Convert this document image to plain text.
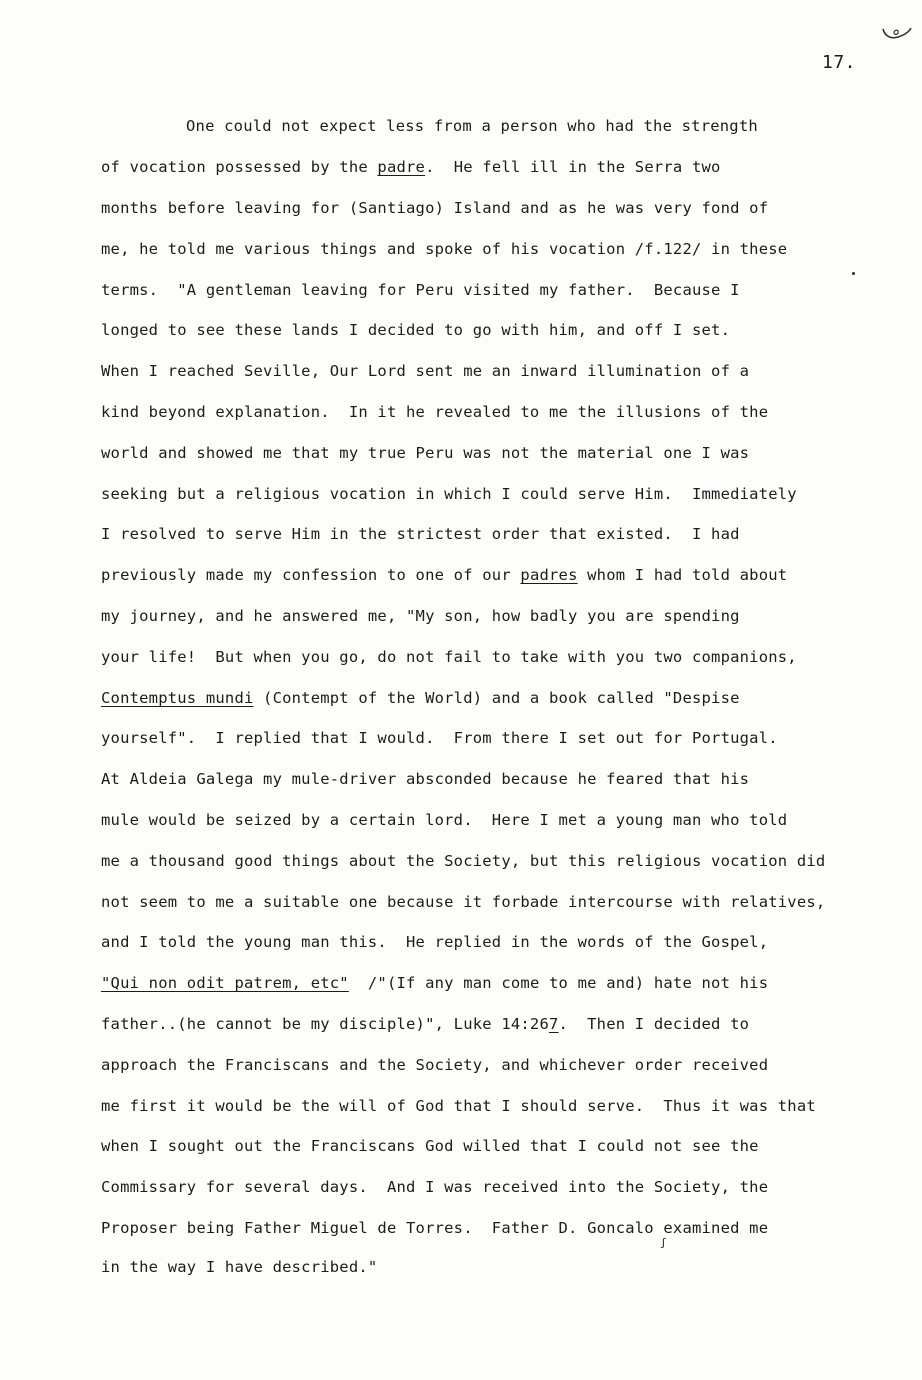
17.
One could not expect less from a person who had the strength
of vocation possessed by the padre.  He fell ill in the Serra two
months before leaving for (Santiago) Island and as he was very fond of
me, he told me various things and spoke of his vocation /f.122/ in these
terms.  "A gentleman leaving for Peru visited my father.  Because I
longed to see these lands I decided to go with him, and off I set.
When I reached Seville, Our Lord sent me an inward illumination of a
kind beyond explanation.  In it he revealed to me the illusions of the
world and showed me that my true Peru was not the material one I was
seeking but a religious vocation in which I could serve Him.  Immediately
I resolved to serve Him in the strictest order that existed.  I had
previously made my confession to one of our padres whom I had told about
my journey, and he answered me, "My son, how badly you are spending
your life!  But when you go, do not fail to take with you two companions,
Contemptus mundi (Contempt of the World) and a book called "Despise
yourself".  I replied that I would.  From there I set out for Portugal.
At Aldeia Galega my mule-driver absconded because he feared that his
mule would be seized by a certain lord.  Here I met a young man who told
me a thousand good things about the Society, but this religious vocation did
not seem to me a suitable one because it forbade intercourse with relatives,
and I told the young man this.  He replied in the words of the Gospel,
"Qui non odit patrem, etc"  /"(If any man come to me and) hate not his
father..(he cannot be my disciple)", Luke 14:267.  Then I decided to
approach the Franciscans and the Society, and whichever order received
me first it would be the will of God that I should serve.  Thus it was that
when I sought out the Franciscans God willed that I could not see the
Commissary for several days.  And I was received into the Society, the
Proposer being Father Miguel de Torres.  Father D. Goncalo examined me
in the way I have described."
ʃ
